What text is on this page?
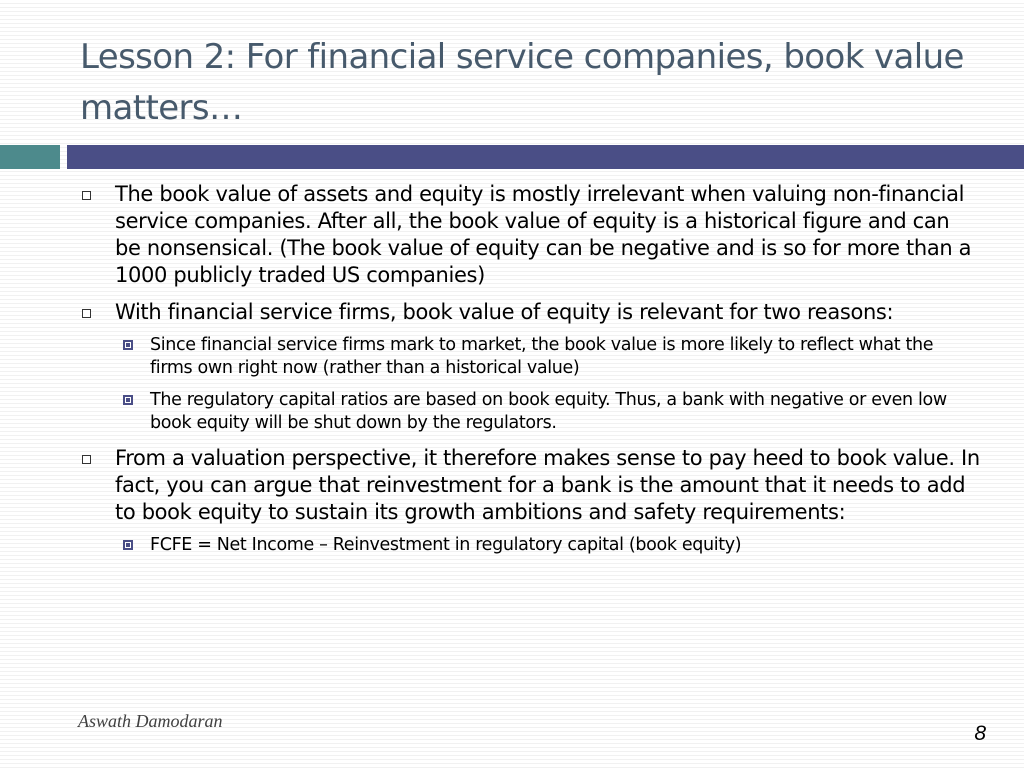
Lesson 2: For financial service companies, book value matters…
The book value of assets and equity is mostly irrelevant when valuing non-financial service companies. After all, the book value of equity is a historical figure and can be nonsensical. (The book value of equity can be negative and is so for more than a 1000 publicly traded US companies)
With financial service firms, book value of equity is relevant for two reasons:
Since financial service firms mark to market, the book value is more likely to reflect what the firms own right now (rather than a historical value)
The regulatory capital ratios are based on book equity. Thus, a bank with negative or even low book equity will be shut down by the regulators.
From a valuation perspective, it therefore makes sense to pay heed to book value. In fact, you can argue that reinvestment for a bank is the amount that it needs to add to book equity to sustain its growth ambitions and safety requirements:
FCFE = Net Income – Reinvestment in regulatory capital (book equity)
Aswath Damodaran
8
